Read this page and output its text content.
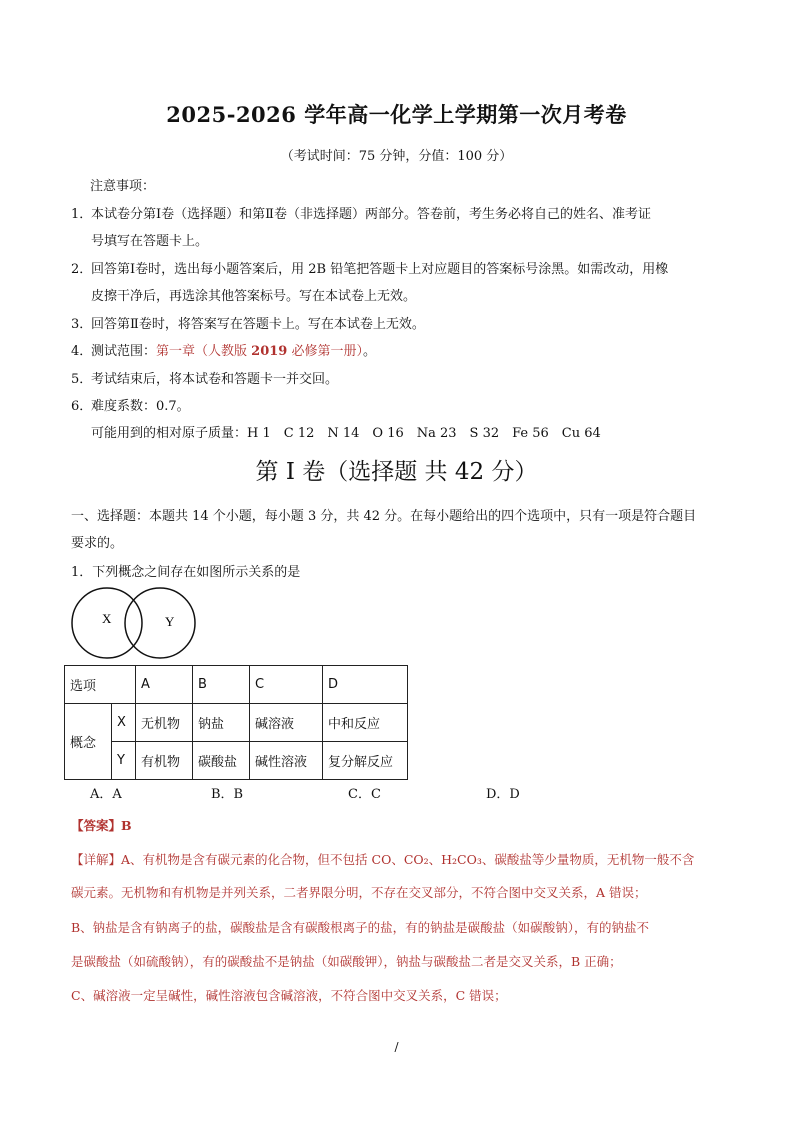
2025-2026 学年高一化学上学期第一次月考卷
（考试时间：75 分钟，分值：100 分）
注意事项：
1．本试卷分第Ⅰ卷（选择题）和第Ⅱ卷（非选择题）两部分。答卷前，考生务必将自己的姓名、准考证
号填写在答题卡上。
2．回答第Ⅰ卷时，选出每小题答案后，用 2B 铅笔把答题卡上对应题目的答案标号涂黑。如需改动，用橡
皮擦干净后，再选涂其他答案标号。写在本试卷上无效。
3．回答第Ⅱ卷时，将答案写在答题卡上。写在本试卷上无效。
4．测试范围：第一章（人教版 2019 必修第一册）。
5．考试结束后，将本试卷和答题卡一并交回。
6．难度系数：0.7。
可能用到的相对原子质量：H 1　C 12　N 14　O 16　Na 23　S 32　Fe 56　Cu 64
第 I 卷（选择题 共 42 分）
一、选择题：本题共 14 个小题，每小题 3 分，共 42 分。在每小题给出的四个选项中，只有一项是符合题目
要求的。
1．下列概念之间存在如图所示关系的是
X	Y
选项		A	B	C	D
概念	X	无机物	钠盐	碱溶液	中和反应
	Y	有机物	碳酸盐	碱性溶液	复分解反应
A．A	B．B	C．C	D．D
【答案】B
【详解】A、有机物是含有碳元素的化合物，但不包括 CO、CO₂、H₂CO₃、碳酸盐等少量物质，无机物一般不含
碳元素。无机物和有机物是并列关系，二者界限分明，不存在交叉部分，不符合图中交叉关系，A 错误；
B、钠盐是含有钠离子的盐，碳酸盐是含有碳酸根离子的盐，有的钠盐是碳酸盐（如碳酸钠），有的钠盐不
是碳酸盐（如硫酸钠），有的碳酸盐不是钠盐（如碳酸钾），钠盐与碳酸盐二者是交叉关系，B 正确；
C、碱溶液一定呈碱性，碱性溶液包含碱溶液，不符合图中交叉关系，C 错误；
/
